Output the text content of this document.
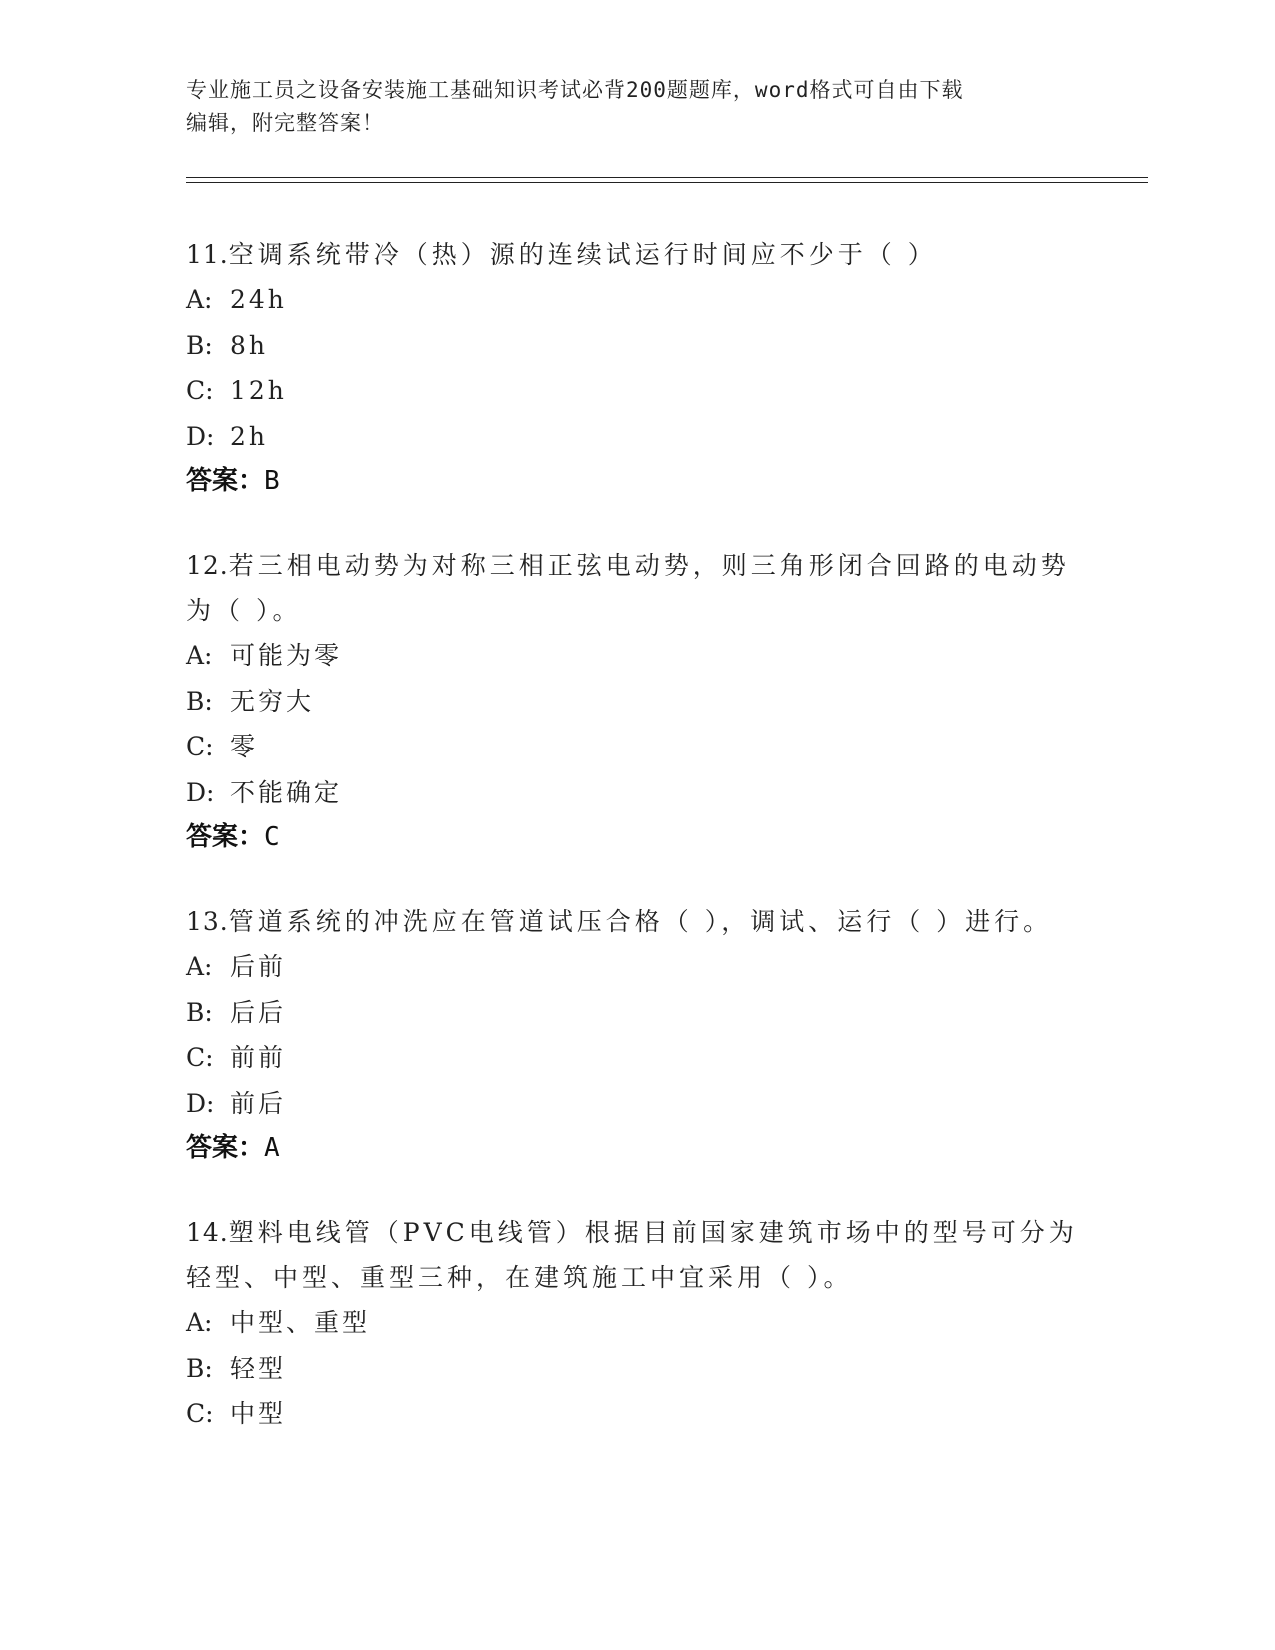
专业施工员之设备安装施工基础知识考试必背200题题库，word格式可自由下载
编辑，附完整答案！

11.空调系统带冷（热）源的连续试运行时间应不少于（ ）

A: 24h

B: 8h

C: 12h

D: 2h

答案：B

12.若三相电动势为对称三相正弦电动势，则三角形闭合回路的电动势

为（ ）。

A: 可能为零

B: 无穷大

C: 零

D: 不能确定

答案：C

13.管道系统的冲洗应在管道试压合格（ ），调试、运行（ ）进行。

A: 后前

B: 后后

C: 前前

D: 前后

答案：A

14.塑料电线管（PVC电线管）根据目前国家建筑市场中的型号可分为

轻型、中型、重型三种，在建筑施工中宜采用（ ）。

A: 中型、重型

B: 轻型

C: 中型
